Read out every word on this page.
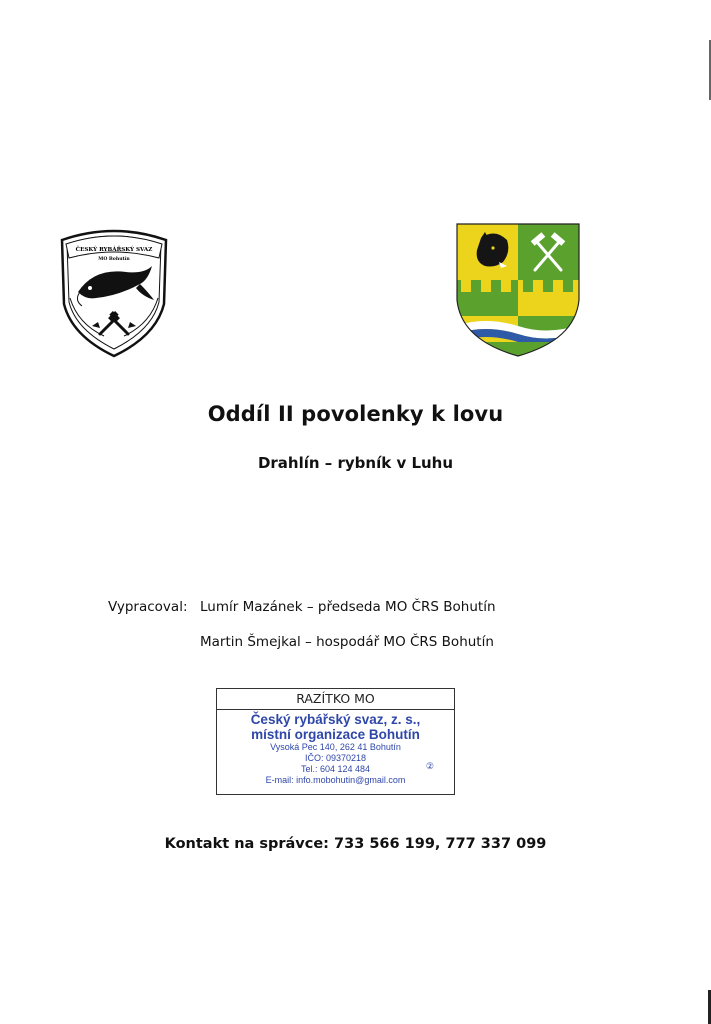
ČESKÝ RYBÁŘSKÝ SVAZ
MO Bohutín
Oddíl II povolenky k lovu
Drahlín – rybník v Luhu
Vypracoval: Lumír Mazánek – předseda MO ČRS Bohutín
Martin Šmejkal – hospodář MO ČRS Bohutín
RAZÍTKO MO
Český rybářský svaz, z. s.,
místní organizace Bohutín
Vysoká Pec 140, 262 41 Bohutín
IČO: 09370218
Tel.: 604 124 484
E-mail: info.mobohutin@gmail.com
②
Kontakt na správce: 733 566 199, 777 337 099
